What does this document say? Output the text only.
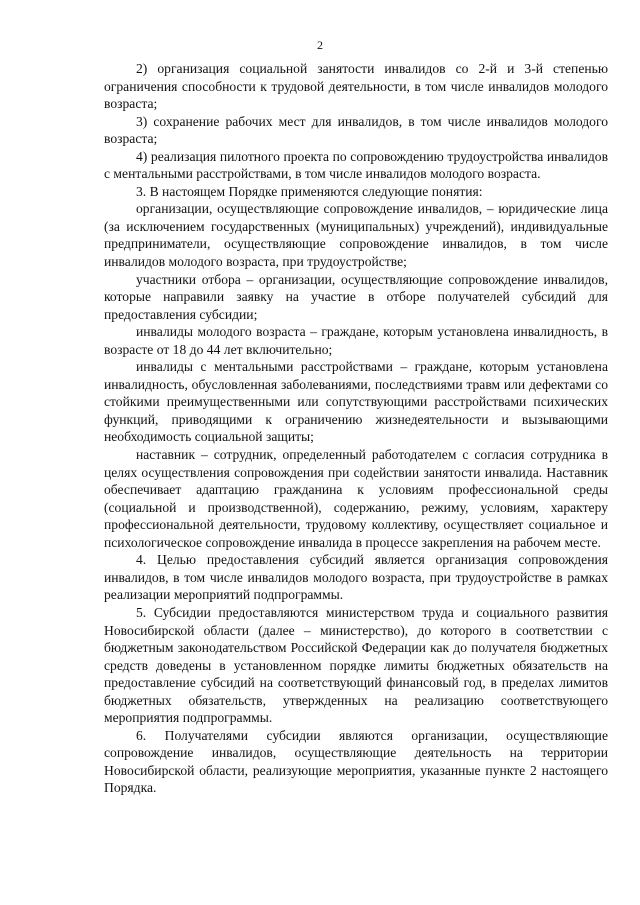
2

2) организация социальной занятости инвалидов со 2-й и 3-й степенью ограничения способности к трудовой деятельности, в том числе инвалидов молодого возраста;

3) сохранение рабочих мест для инвалидов, в том числе инвалидов молодого возраста;

4) реализация пилотного проекта по сопровождению трудоустройства инвалидов с ментальными расстройствами, в том числе инвалидов молодого возраста.

3. В настоящем Порядке применяются следующие понятия:

организации, осуществляющие сопровождение инвалидов, – юридические лица (за исключением государственных (муниципальных) учреждений), индивидуальные предприниматели, осуществляющие сопровождение инвалидов, в том числе инвалидов молодого возраста, при трудоустройстве;

участники отбора – организации, осуществляющие сопровождение инвалидов, которые направили заявку на участие в отборе получателей субсидий для предоставления субсидии;

инвалиды молодого возраста – граждане, которым установлена инвалидность, в возрасте от 18 до 44 лет включительно;

инвалиды с ментальными расстройствами – граждане, которым установлена инвалидность, обусловленная заболеваниями, последствиями травм или дефектами со стойкими преимущественными или сопутствующими расстройствами психических функций, приводящими к ограничению жизнедеятельности и вызывающими необходимость социальной защиты;

наставник – сотрудник, определенный работодателем с согласия сотрудника в целях осуществления сопровождения при содействии занятости инвалида. Наставник обеспечивает адаптацию гражданина к условиям профессиональной среды (социальной и производственной), содержанию, режиму, условиям, характеру профессиональной деятельности, трудовому коллективу, осуществляет социальное и психологическое сопровождение инвалида в процессе закрепления на рабочем месте.

4. Целью предоставления субсидий является организация сопровождения инвалидов, в том числе инвалидов молодого возраста, при трудоустройстве в рамках реализации мероприятий подпрограммы.

5. Субсидии предоставляются министерством труда и социального развития Новосибирской области (далее – министерство), до которого в соответствии с бюджетным законодательством Российской Федерации как до получателя бюджетных средств доведены в установленном порядке лимиты бюджетных обязательств на предоставление субсидий на соответствующий финансовый год, в пределах лимитов бюджетных обязательств, утвержденных на реализацию соответствующего мероприятия подпрограммы.

6. Получателями субсидии являются организации, осуществляющие сопровождение инвалидов, осуществляющие деятельность на территории Новосибирской области, реализующие мероприятия, указанные пункте 2 настоящего Порядка.
